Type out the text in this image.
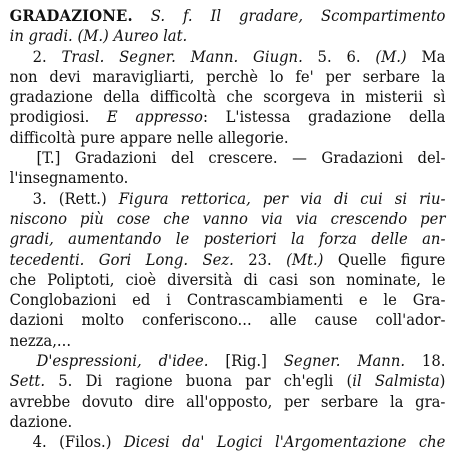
GRADAZIONE. S. f. Il gradare, Scompartimento
in gradi. (M.) Aureo lat.
2. Trasl. Segner. Mann. Giugn. 5. 6. (M.) Ma
non devi maravigliarti, perchè lo fe' per serbare la
gradazione della difficoltà che scorgeva in misterii sì
prodigiosi. E appresso: L'istessa gradazione della
difficoltà pure appare nelle allegorie.
[T.] Gradazioni del crescere. — Gradazioni del-
l'insegnamento.
3. (Rett.) Figura rettorica, per via di cui si riu-
niscono più cose che vanno via via crescendo per
gradi, aumentando le posteriori la forza delle an-
tecedenti. Gori Long. Sez. 23. (Mt.) Quelle figure
che Poliptoti, cioè diversità di casi son nominate, le
Conglobazioni ed i Contrascambiamenti e le Gra-
dazioni molto conferiscono... alle cause coll'ador-
nezza,...
D'espressioni, d'idee. [Rig.] Segner. Mann. 18.
Sett. 5. Di ragione buona par ch'egli (il Salmista)
avrebbe dovuto dire all'opposto, per serbare la gra-
dazione.
4. (Filos.) Dicesi da' Logici l'Argomentazione che
